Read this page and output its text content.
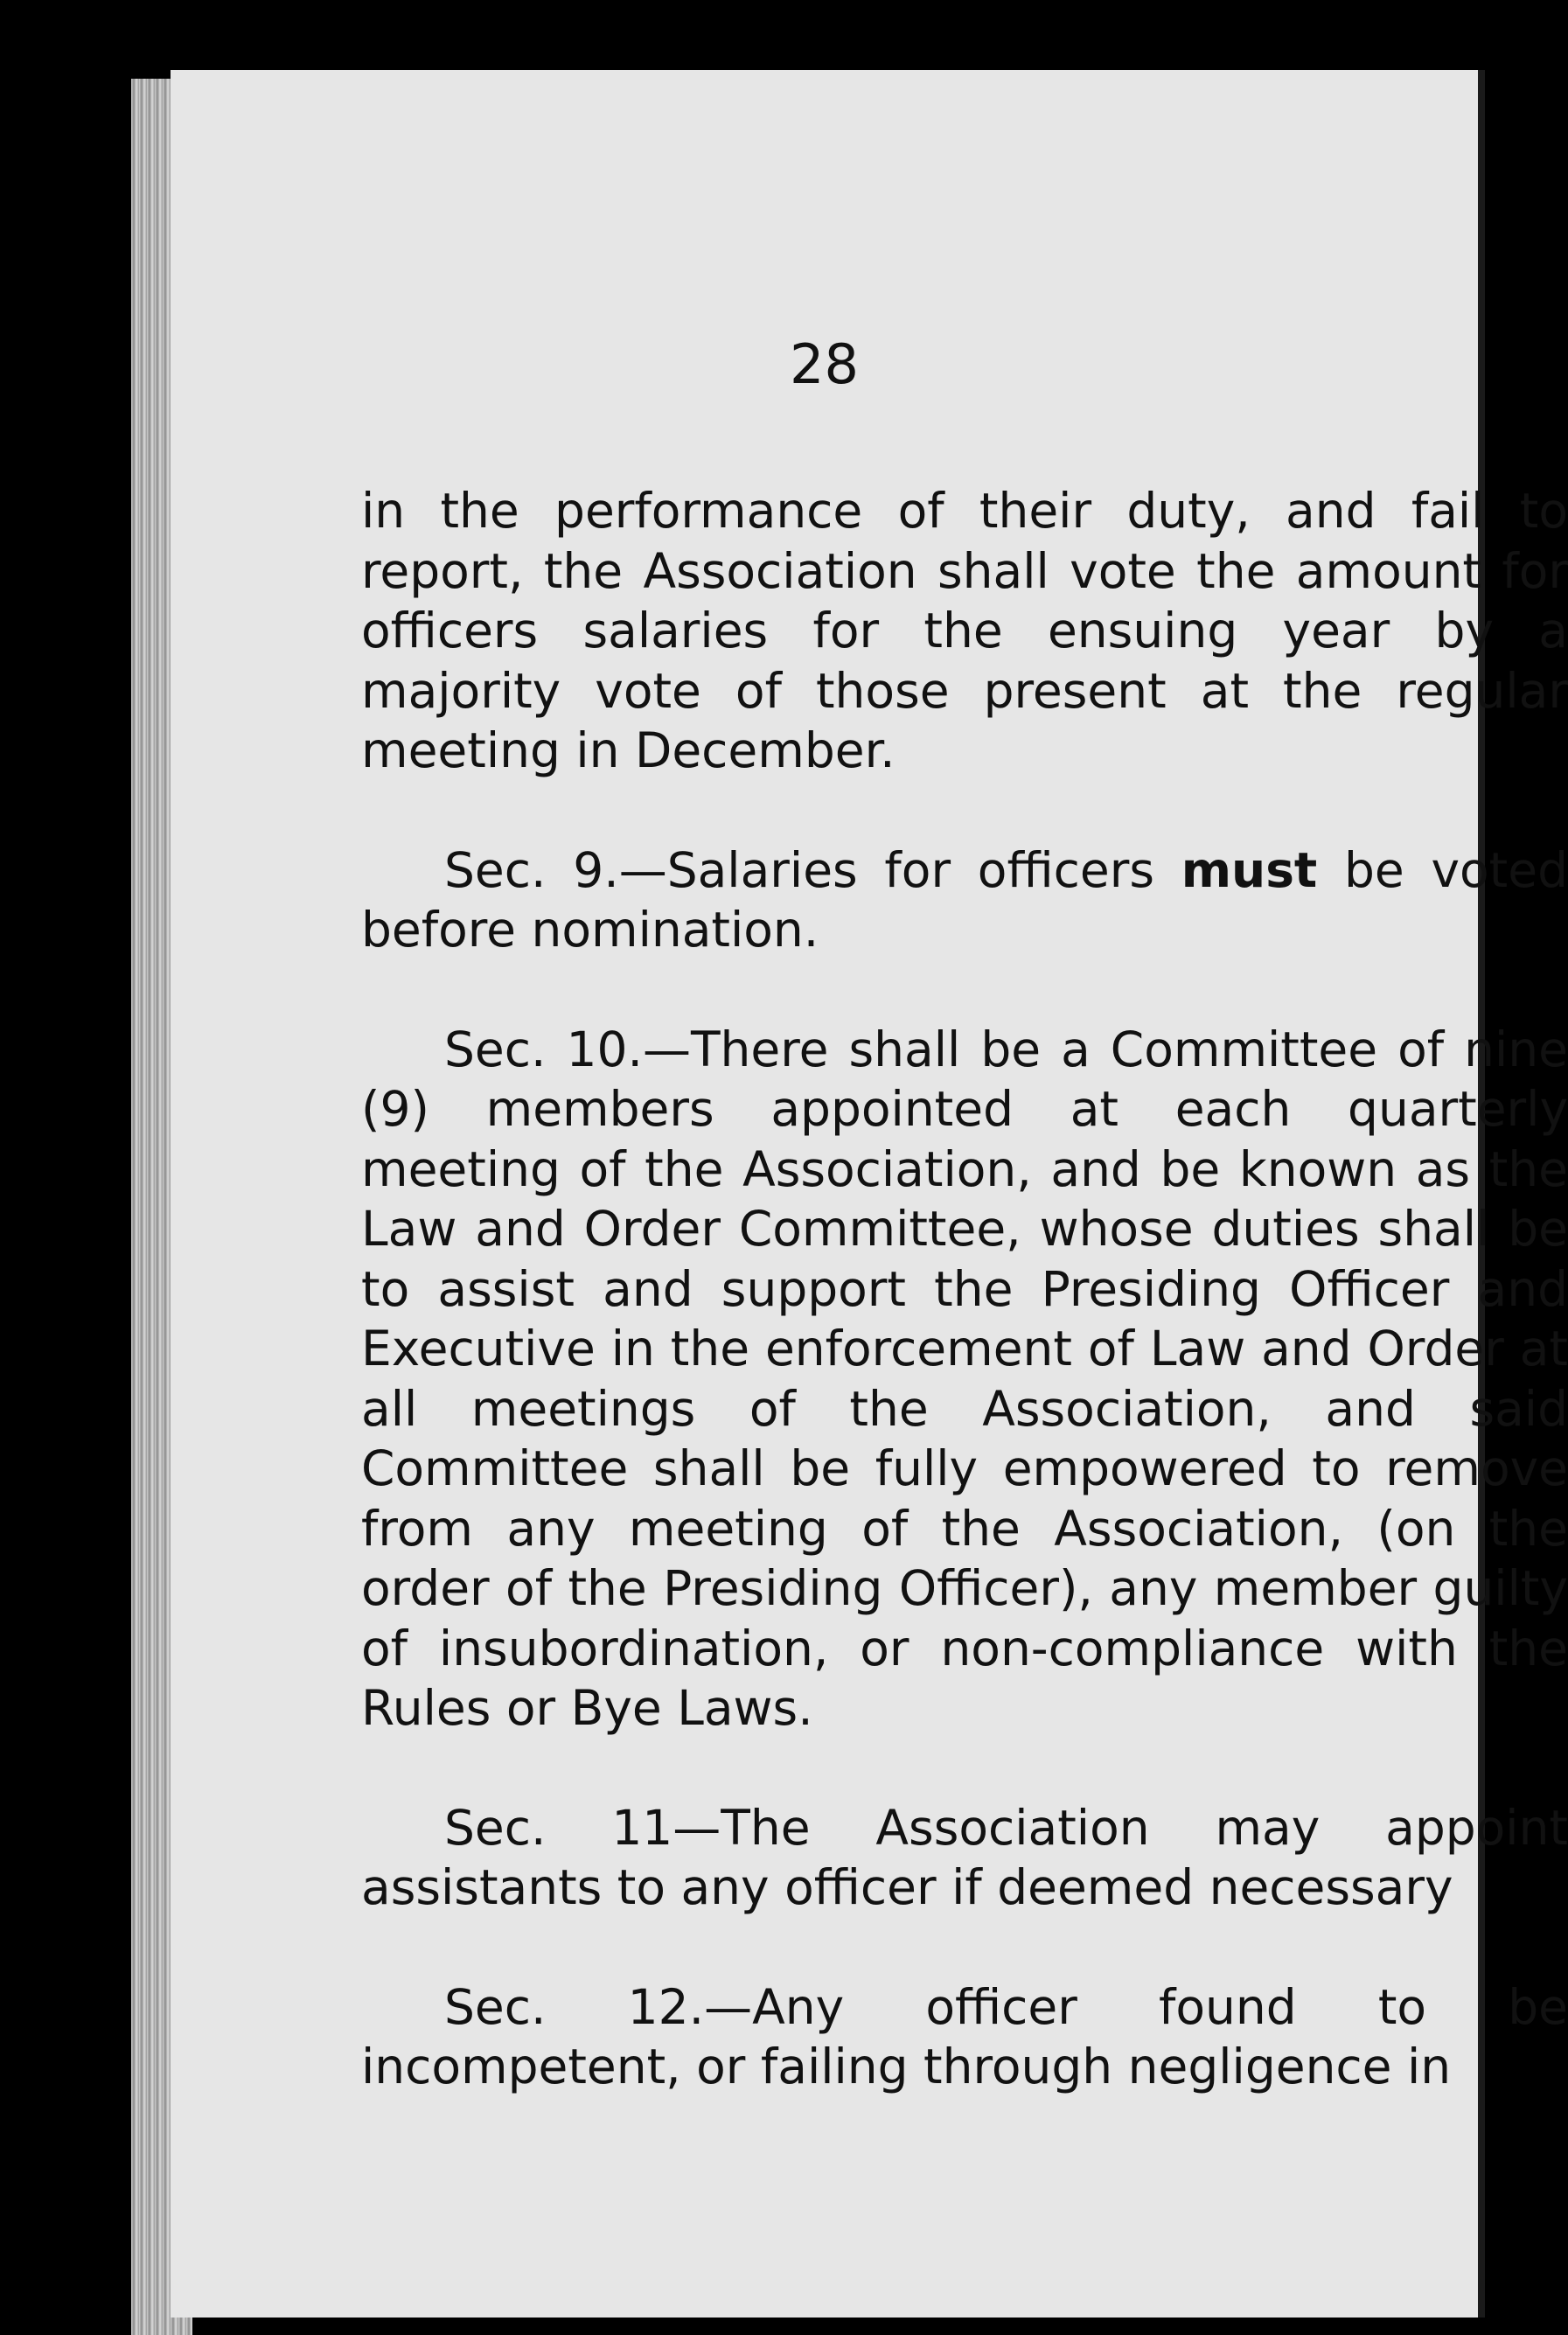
28

in the performance of their duty, and fail to report, the Association shall vote the amount for officers salaries for the ensuing year by a majority vote of those present at the regular meeting in December.

Sec. 9.—Salaries for officers must be voted before nomination.

Sec. 10.—There shall be a Committee of nine (9) members appointed at each quarterly meeting of the Association, and be known as the Law and Order Committee, whose duties shall be to assist and support the Presiding Officer and Executive in the enforcement of Law and Order at all meetings of the Association, and said Committee shall be fully empowered to remove from any meeting of the Association, (on the order of the Presiding Officer), any member guilty of insubordination, or non-compliance with the Rules or Bye Laws.

Sec. 11—The Association may appoint assistants to any officer if deemed necessary

Sec. 12.—Any officer found to be incompetent, or failing through negligence in
